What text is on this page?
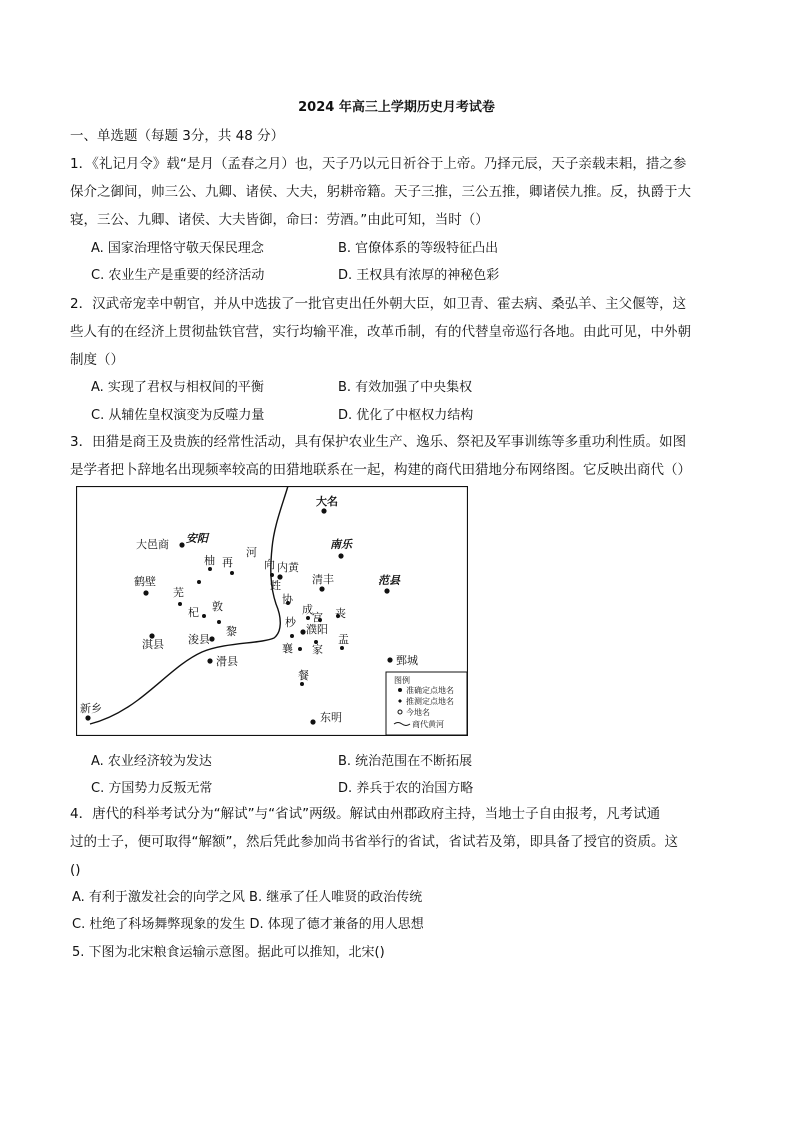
2024 年高三上学期历史月考试卷
一、单选题（每题 3分，共 48 分）
1．《礼记月令》载“是月（孟春之月）也，天子乃以元日祈谷于上帝。乃择元辰，天子亲载耒耜，措之参
保介之御间，帅三公、九卿、诸侯、大夫，躬耕帝籍。天子三推，三公五推，卿诸侯九推。反，执爵于大
寝，三公、九卿、诸侯、大夫皆御，命曰：劳酒。”由此可知，当时（）
A. 国家治理恪守敬天保民理念	B. 官僚体系的等级特征凸出
C. 农业生产是重要的经济活动	D. 王权具有浓厚的神秘色彩
2．汉武帝宠幸中朝官，并从中选拔了一批官吏出任外朝大臣，如卫青、霍去病、桑弘羊、主父偃等，这
些人有的在经济上贯彻盐铁官营，实行均输平准，改革币制，有的代替皇帝巡行各地。由此可见，中外朝
制度（）
A. 实现了君权与相权间的平衡	B. 有效加强了中央集权
C. 从辅佐皇权演变为反噬力量	D. 优化了中枢权力结构
3．田猎是商王及贵族的经常性活动，具有保护农业生产、逸乐、祭祀及军事训练等多重功利性质。如图
是学者把卜辞地名出现频率较高的田猎地联系在一起，构建的商代田猎地分布网络图。它反映出商代（）
大名
南乐
范县
大邑商 安阳
鹤壁
淇县 浚县
滑县
内黄
清丰
濮阳
鄄城
东明
新乡
柚 再
河
向
甡
协
芜
杞 敦
黎
杪
襄
成
宫 丧
盂
家
餐	图例
准确定点地名
推测定点地名
今地名
商代黄河
A. 农业经济较为发达	B. 统治范围在不断拓展
C. 方国势力反叛无常	D. 养兵于农的治国方略
4．唐代的科举考试分为“解试”与“省试”两级。解试由州郡政府主持，当地士子自由报考，凡考试通
过的士子，便可取得“解额”，然后凭此参加尚书省举行的省试，省试若及第，即具备了授官的资质。这
()
A. 有利于激发社会的向学之风 B. 继承了任人唯贤的政治传统
C. 杜绝了科场舞弊现象的发生 D. 体现了德才兼备的用人思想
5. 下图为北宋粮食运输示意图。据此可以推知，北宋()
